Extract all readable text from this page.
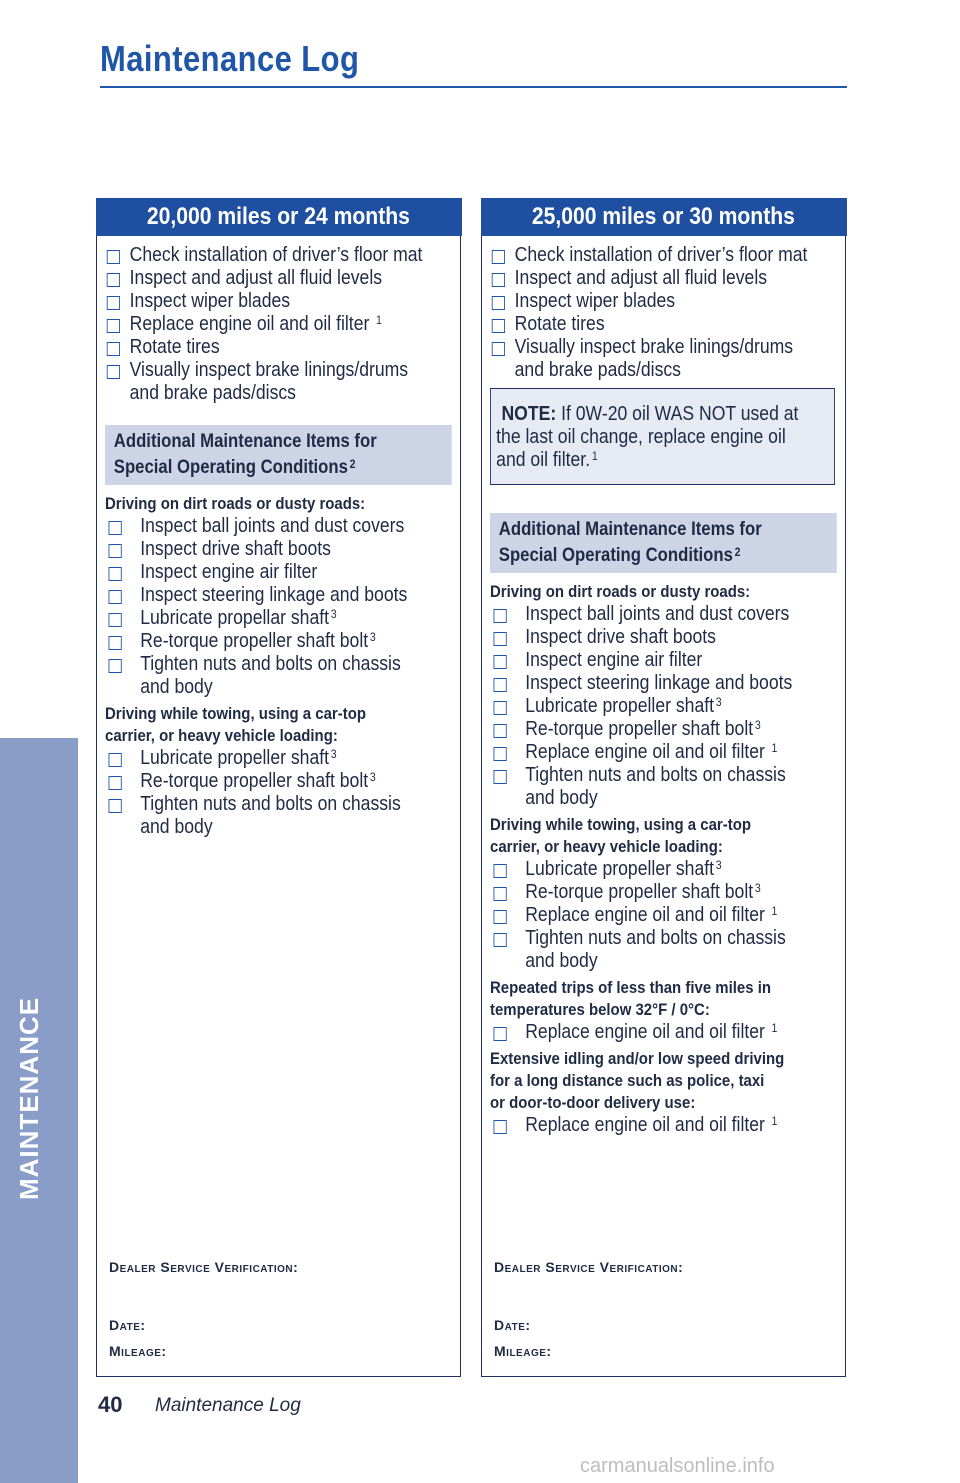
Maintenance Log
MAINTENANCE
20,000 miles or 24 months
Check installation of driver’s floor mat
Inspect and adjust all fluid levels
Inspect wiper blades
Replace engine oil and oil filter $^1$
Rotate tires
Visually inspect brake linings/drums
and brake pads/discs
Additional Maintenance Items for
Special Operating Conditions $^2$
Driving on dirt roads or dusty roads:
Inspect ball joints and dust covers
Inspect drive shaft boots
Inspect engine air filter
Inspect steering linkage and boots
Lubricate propellar shaft $^3$
Re-torque propeller shaft bolt $^3$
Tighten nuts and bolts on chassis
and body
Driving while towing, using a car-top
carrier, or heavy vehicle loading:
Lubricate propeller shaft $^3$
Re-torque propeller shaft bolt $^3$
Tighten nuts and bolts on chassis
and body
Dealer Service Verification:
Date:
Mileage:
25,000 miles or 30 months
Check installation of driver’s floor mat
Inspect and adjust all fluid levels
Inspect wiper blades
Rotate tires
Visually inspect brake linings/drums
and brake pads/discs
NOTE: If 0W-20 oil WAS NOT used at
the last oil change, replace engine oil
and oil filter. $^1$
Additional Maintenance Items for
Special Operating Conditions $^2$
Driving on dirt roads or dusty roads:
Inspect ball joints and dust covers
Inspect drive shaft boots
Inspect engine air filter
Inspect steering linkage and boots
Lubricate propeller shaft $^3$
Re-torque propeller shaft bolt $^3$
Replace engine oil and oil filter $^1$
Tighten nuts and bolts on chassis
and body
Driving while towing, using a car-top
carrier, or heavy vehicle loading:
Lubricate propeller shaft $^3$
Re-torque propeller shaft bolt $^3$
Replace engine oil and oil filter $^1$
Tighten nuts and bolts on chassis
and body
Repeated trips of less than five miles in
temperatures below 32°F / 0°C:
Replace engine oil and oil filter $^1$
Extensive idling and/or low speed driving
for a long distance such as police, taxi
or door-to-door delivery use:
Replace engine oil and oil filter $^1$
Dealer Service Verification:
Date:
Mileage:
40 Maintenance Log
carmanualsonline.info
